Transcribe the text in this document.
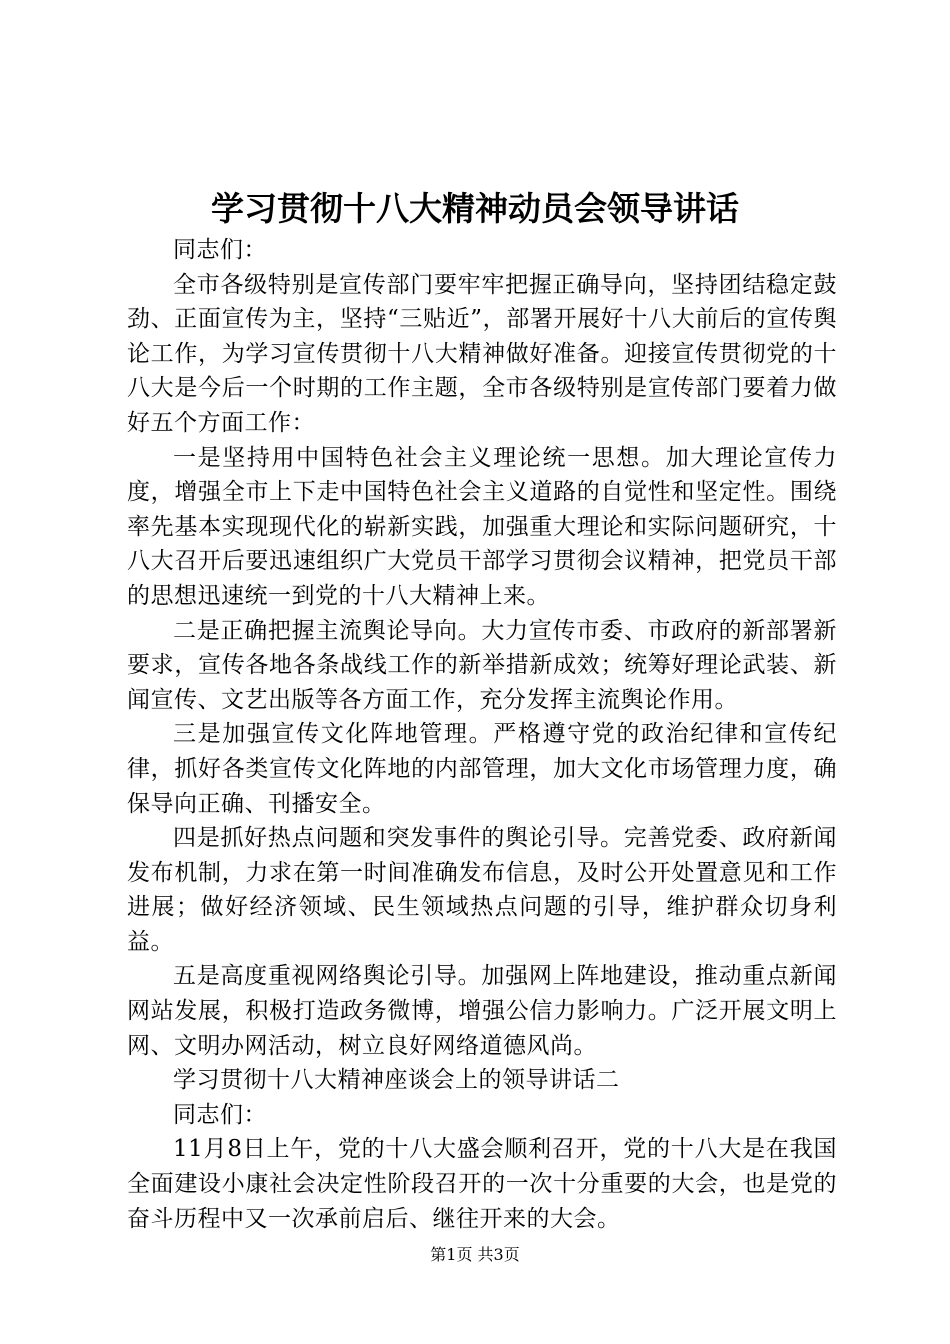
学习贯彻十八大精神动员会领导讲话

同志们：

全市各级特别是宣传部门要牢牢把握正确导向，坚持团结稳定鼓劲、正面宣传为主，坚持“三贴近”，部署开展好十八大前后的宣传舆论工作，为学习宣传贯彻十八大精神做好准备。迎接宣传贯彻党的十八大是今后一个时期的工作主题，全市各级特别是宣传部门要着力做好五个方面工作：

一是坚持用中国特色社会主义理论统一思想。加大理论宣传力度，增强全市上下走中国特色社会主义道路的自觉性和坚定性。围绕率先基本实现现代化的崭新实践，加强重大理论和实际问题研究，十八大召开后要迅速组织广大党员干部学习贯彻会议精神，把党员干部的思想迅速统一到党的十八大精神上来。

二是正确把握主流舆论导向。大力宣传市委、市政府的新部署新要求，宣传各地各条战线工作的新举措新成效；统筹好理论武装、新闻宣传、文艺出版等各方面工作，充分发挥主流舆论作用。

三是加强宣传文化阵地管理。严格遵守党的政治纪律和宣传纪律，抓好各类宣传文化阵地的内部管理，加大文化市场管理力度，确保导向正确、刊播安全。

四是抓好热点问题和突发事件的舆论引导。完善党委、政府新闻发布机制，力求在第一时间准确发布信息，及时公开处置意见和工作进展；做好经济领域、民生领域热点问题的引导，维护群众切身利益。

五是高度重视网络舆论引导。加强网上阵地建设，推动重点新闻网站发展，积极打造政务微博，增强公信力影响力。广泛开展文明上网、文明办网活动，树立良好网络道德风尚。

学习贯彻十八大精神座谈会上的领导讲话二

同志们：

11月8日上午，党的十八大盛会顺利召开，党的十八大是在我国全面建设小康社会决定性阶段召开的一次十分重要的大会，也是党的奋斗历程中又一次承前启后、继往开来的大会。

第1页 共3页
